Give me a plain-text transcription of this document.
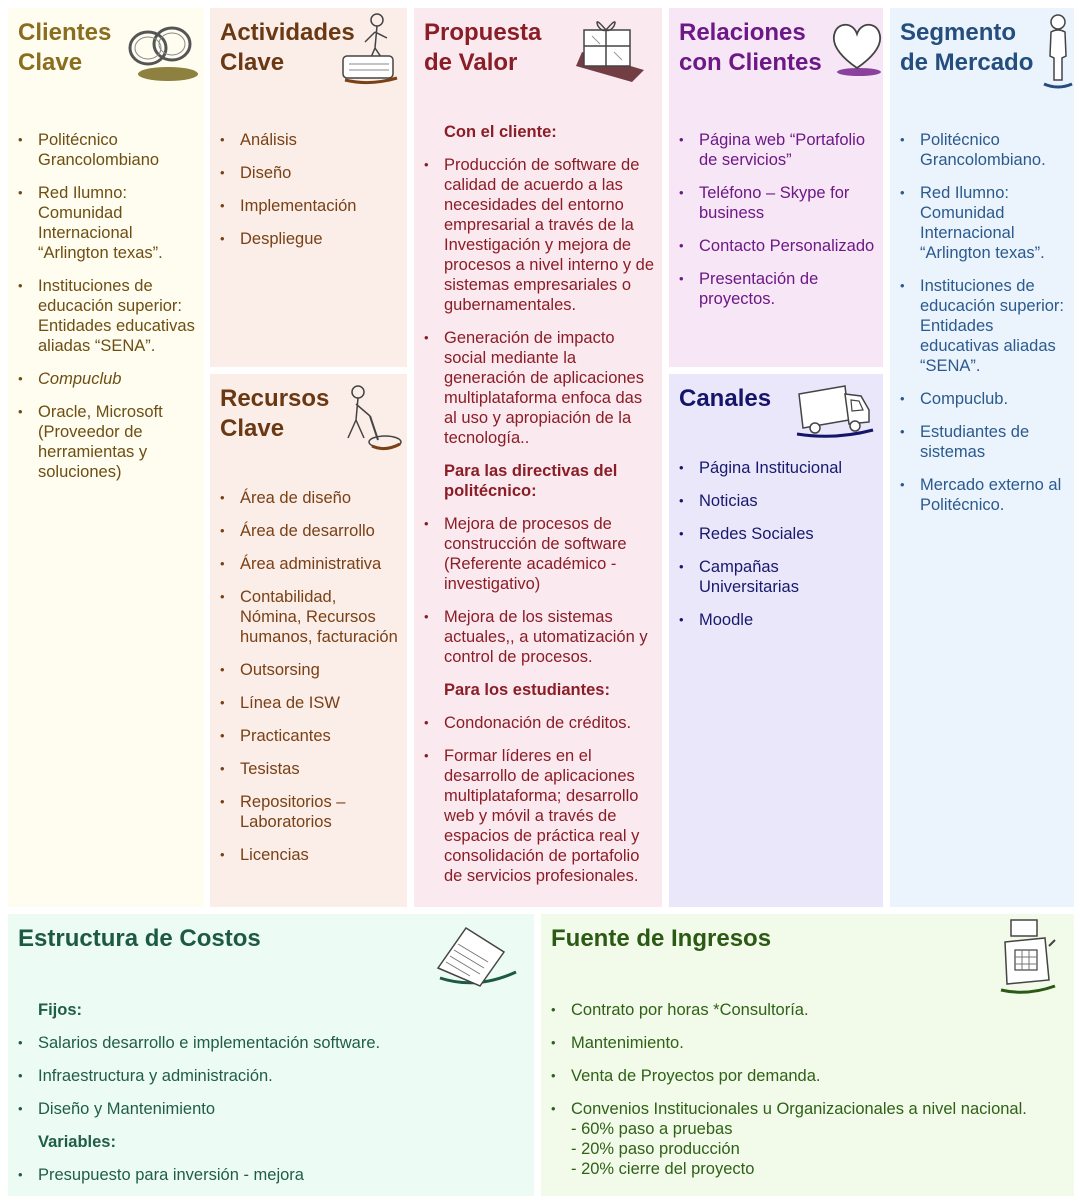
Clientes
Clave
• Politécnico Grancolombiano
• Red Ilumno: Comunidad Internacional “Arlington texas”.
• Instituciones de educación superior: Entidades educativas aliadas “SENA”.
• Compuclub
• Oracle, Microsoft (Proveedor de herramientas y soluciones)
Actividades
Clave
• Análisis
• Diseño
• Implementación
• Despliegue
Recursos
Clave
• Área de diseño
• Área de desarrollo
• Área administrativa
• Contabilidad, Nómina, Recursos humanos, facturación
• Outsorsing
• Línea de ISW
• Practicantes
• Tesistas
• Repositorios – Laboratorios
• Licencias
Propuesta
de Valor
Con el cliente:
• Producción de software de calidad de acuerdo a las necesidades del entorno empresarial a través de la Investigación y mejora de procesos a nivel interno y de sistemas empresariales o gubernamentales.
• Generación de impacto social mediante la generación de aplicaciones multiplataforma enfoca das al uso y apropiación de la tecnología..
Para las directivas del politécnico:
• Mejora de procesos de construcción de software (Referente académico - investigativo)
• Mejora de los sistemas actuales,, a utomatización y control de procesos.
Para los estudiantes:
• Condonación de créditos.
• Formar líderes en el desarrollo de aplicaciones multiplataforma; desarrollo web y móvil a través de espacios de práctica real y consolidación de portafolio de servicios profesionales.
Relaciones
con Clientes
• Página web “Portafolio de servicios”
• Teléfono – Skype for business
• Contacto Personalizado
• Presentación de proyectos.
Canales
• Página Institucional
• Noticias
• Redes Sociales
• Campañas Universitarias
• Moodle
Segmento
de Mercado
• Politécnico Grancolombiano.
• Red Ilumno: Comunidad Internacional “Arlington texas”.
• Instituciones de educación superior: Entidades educativas aliadas “SENA”.
• Compuclub.
• Estudiantes de sistemas
• Mercado externo al Politécnico.
Estructura de Costos
Fijos:
• Salarios desarrollo e implementación software.
• Infraestructura y administración.
• Diseño y Mantenimiento
Variables:
• Presupuesto para inversión - mejora
Fuente de Ingresos
• Contrato por horas *Consultoría.
• Mantenimiento.
• Venta de Proyectos por demanda.
• Convenios Institucionales u Organizacionales a nivel nacional.
- 60% paso a pruebas
- 20% paso producción
- 20% cierre del proyecto
